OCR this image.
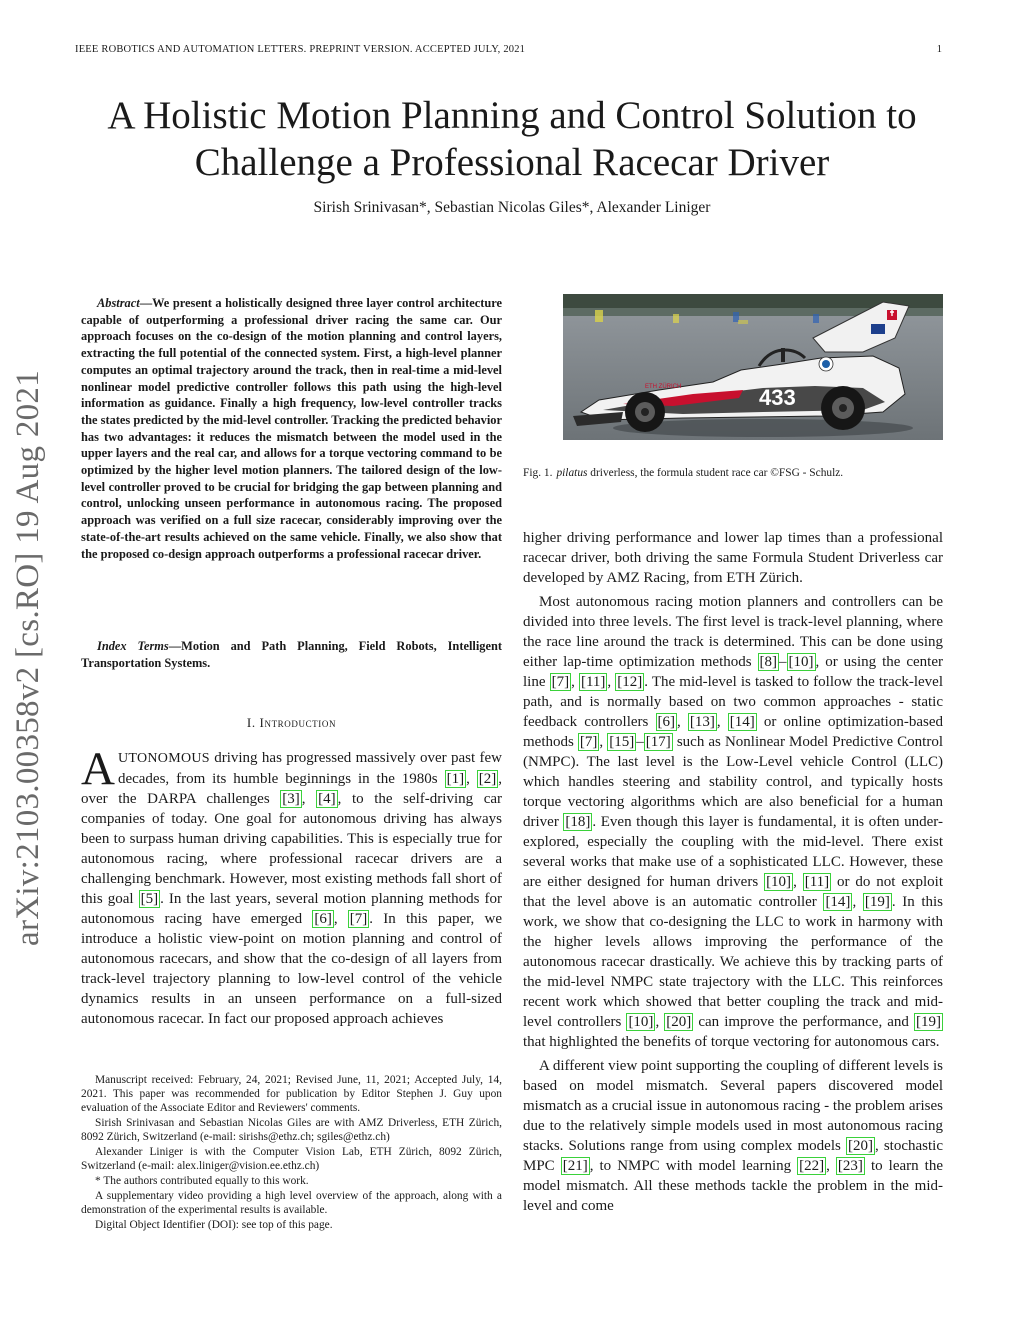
IEEE ROBOTICS AND AUTOMATION LETTERS. PREPRINT VERSION. ACCEPTED JULY, 2021	1
A Holistic Motion Planning and Control Solution to Challenge a Professional Racecar Driver
Sirish Srinivasan*, Sebastian Nicolas Giles*, Alexander Liniger
arXiv:2103.00358v2 [cs.RO] 19 Aug 2021

Abstract—We present a holistically designed three layer control architecture capable of outperforming a professional driver racing the same car. Our approach focuses on the co-design of the motion planning and control layers, extracting the full potential of the connected system. First, a high-level planner computes an optimal trajectory around the track, then in real-time a mid-level nonlinear model predictive controller follows this path using the high-level information as guidance. Finally a high frequency, low-level controller tracks the states predicted by the mid-level controller. Tracking the predicted behavior has two advantages: it reduces the mismatch between the model used in the upper layers and the real car, and allows for a torque vectoring command to be optimized by the higher level motion planners. The tailored design of the low-level controller proved to be crucial for bridging the gap between planning and control, unlocking unseen performance in autonomous racing. The proposed approach was verified on a full size racecar, considerably improving over the state-of-the-art results achieved on the same vehicle. Finally, we also show that the proposed co-design approach outperforms a professional racecar driver.

Index Terms—Motion and Path Planning, Field Robots, Intelligent Transportation Systems.

I. Introduction

AUTONOMOUS driving has progressed massively over past few decades, from its humble beginnings in the 1980s [1] , [2] , over the DARPA challenges [3] , [4] , to the self-driving car companies of today. One goal for autonomous driving has always been to surpass human driving capabilities. This is especially true for autonomous racing, where professional racecar drivers are a challenging benchmark. However, most existing methods fall short of this goal [5] . In the last years, several motion planning methods for autonomous racing have emerged [6] , [7] . In this paper, we introduce a holistic view-point on motion planning and control of autonomous racecars, and show that the co-design of all layers from track-level trajectory planning to low-level control of the vehicle dynamics results in an unseen performance on a full-sized autonomous racecar. In fact our proposed approach achieves

Manuscript received: February, 24, 2021; Revised June, 11, 2021; Accepted July, 14, 2021. This paper was recommended for publication by Editor Stephen J. Guy upon evaluation of the Associate Editor and Reviewers' comments.

Sirish Srinivasan and Sebastian Nicolas Giles are with AMZ Driverless, ETH Zürich, 8092 Zürich, Switzerland (e-mail: sirishs@ethz.ch; sgiles@ethz.ch)

Alexander Liniger is with the Computer Vision Lab, ETH Zürich, 8092 Zürich, Switzerland (e-mail: alex.liniger@vision.ee.ethz.ch)

* The authors contributed equally to this work.

A supplementary video providing a high level overview of the approach, along with a demonstration of the experimental results is available.

Digital Object Identifier (DOI): see top of this page.

433
ETH ZÜRICH
Fig. 1. pilatus driverless, the formula student race car ©FSG - Schulz.

higher driving performance and lower lap times than a professional racecar driver, both driving the same Formula Student Driverless car developed by AMZ Racing, from ETH Zürich.

Most autonomous racing motion planners and controllers can be divided into three levels. The first level is track-level planning, where the race line around the track is determined. This can be done using either lap-time optimization methods [8] – [10] , or using the center line [7] , [11] , [12] . The mid-level is tasked to follow the track-level path, and is normally based on two common approaches - static feedback controllers [6] , [13] , [14] or online optimization-based methods [7] , [15] – [17] such as Nonlinear Model Predictive Control (NMPC). The last level is the Low-Level vehicle Control (LLC) which handles steering and stability control, and typically hosts torque vectoring algorithms which are also beneficial for a human driver [18] . Even though this layer is fundamental, it is often under-explored, especially the coupling with the mid-level. There exist several works that make use of a sophisticated LLC. However, these are either designed for human drivers [10] , [11] or do not exploit that the level above is an automatic controller [14] , [19] . In this work, we show that co-designing the LLC to work in harmony with the higher levels allows improving the performance of the autonomous racecar drastically. We achieve this by tracking parts of the mid-level NMPC state trajectory with the LLC. This reinforces recent work which showed that better coupling the track and mid-level controllers [10] , [20] can improve the performance, and [19] that highlighted the benefits of torque vectoring for autonomous cars.

A different view point supporting the coupling of different levels is based on model mismatch. Several papers discovered model mismatch as a crucial issue in autonomous racing - the problem arises due to the relatively simple models used in most autonomous racing stacks. Solutions range from using complex models [20] , stochastic MPC [21] , to NMPC with model learning [22] , [23] to learn the model mismatch. All these methods tackle the problem in the mid-level and come
